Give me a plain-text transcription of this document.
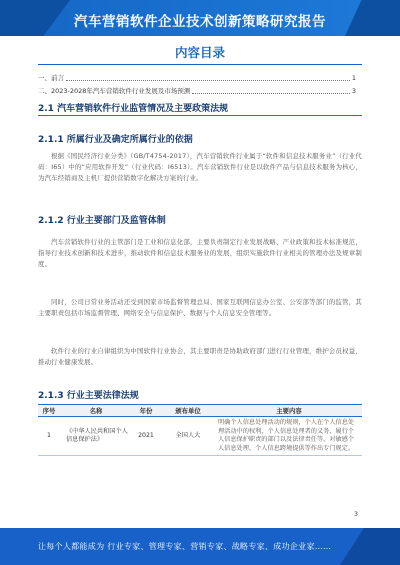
汽车营销软件企业技术创新策略研究报告
内容目录
一、前言	1
二、2023-2028年汽车营销软件行业发展及市场预测	3
2.1 汽车营销软件行业监管情况及主要政策法规
2.1.1 所属行业及确定所属行业的依据

根据《国民经济行业分类》（GB/T4754-2017），汽车营销软件行业属于“软件和信息技术服务业”（行业代码：I65）中的“应用软件开发”（行业代码：I6513）。汽车营销软件行业是以软件产品与信息技术服务为核心，为汽车经销商及主机厂提供营销数字化解决方案的行业。

2.1.2 行业主要部门及监管体制

汽车营销软件行业的主管部门是工业和信息化部，主要负责制定行业发展战略、产业政策和技术标准规范，指导行业技术创新和技术进步，推动软件和信息技术服务业的发展，组织实施软件行业相关的管理办法及规章制度。

同时，公司日常业务活动还受到国家市场监督管理总局、国家互联网信息办公室、公安部等部门的监管，其主要职责包括市场监督管理、网络安全与信息保护、数据与个人信息安全管理等。

软件行业的行业自律组织为中国软件行业协会，其主要职责是协助政府部门进行行业管理，维护会员权益，推动行业健康发展。

2.1.3 行业主要法律法规
序号	名称	年份	颁布单位	主要内容
1	《中华人民共和国个人信息保护法》	2021	全国人大	明确个人信息处理活动的规则，个人在个人信息处理活动中的权利，个人信息处理者的义务，履行个人信息保护职责的部门以及法律责任等，对敏感个人信息处理、个人信息跨境提供等作出专门规定。
3
让每个人都能成为 行业专家、管理专家、营销专家、战略专家、成功企业家……
